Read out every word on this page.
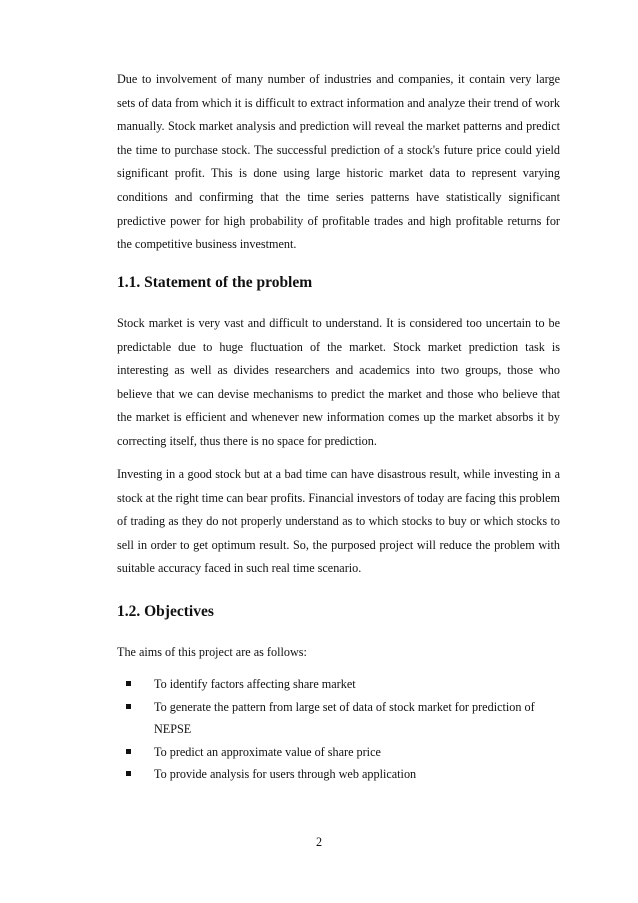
Due to involvement of many number of industries and companies, it contain very large sets of data from which it is difficult to extract information and analyze their trend of work manually. Stock market analysis and prediction will reveal the market patterns and predict the time to purchase stock. The successful prediction of a stock's future price could yield significant profit. This is done using large historic market data to represent varying conditions and confirming that the time series patterns have statistically significant predictive power for high probability of profitable trades and high profitable returns for the competitive business investment.

1.1. Statement of the problem

Stock market is very vast and difficult to understand. It is considered too uncertain to be predictable due to huge fluctuation of the market. Stock market prediction task is interesting as well as divides researchers and academics into two groups, those who believe that we can devise mechanisms to predict the market and those who believe that the market is efficient and whenever new information comes up the market absorbs it by correcting itself, thus there is no space for prediction.

Investing in a good stock but at a bad time can have disastrous result, while investing in a stock at the right time can bear profits. Financial investors of today are facing this problem of trading as they do not properly understand as to which stocks to buy or which stocks to sell in order to get optimum result. So, the purposed project will reduce the problem with suitable accuracy faced in such real time scenario.

1.2. Objectives

The aims of this project are as follows:

To identify factors affecting share market
To generate the pattern from large set of data of stock market for prediction of NEPSE
To predict an approximate value of share price
To provide analysis for users through web application

2
